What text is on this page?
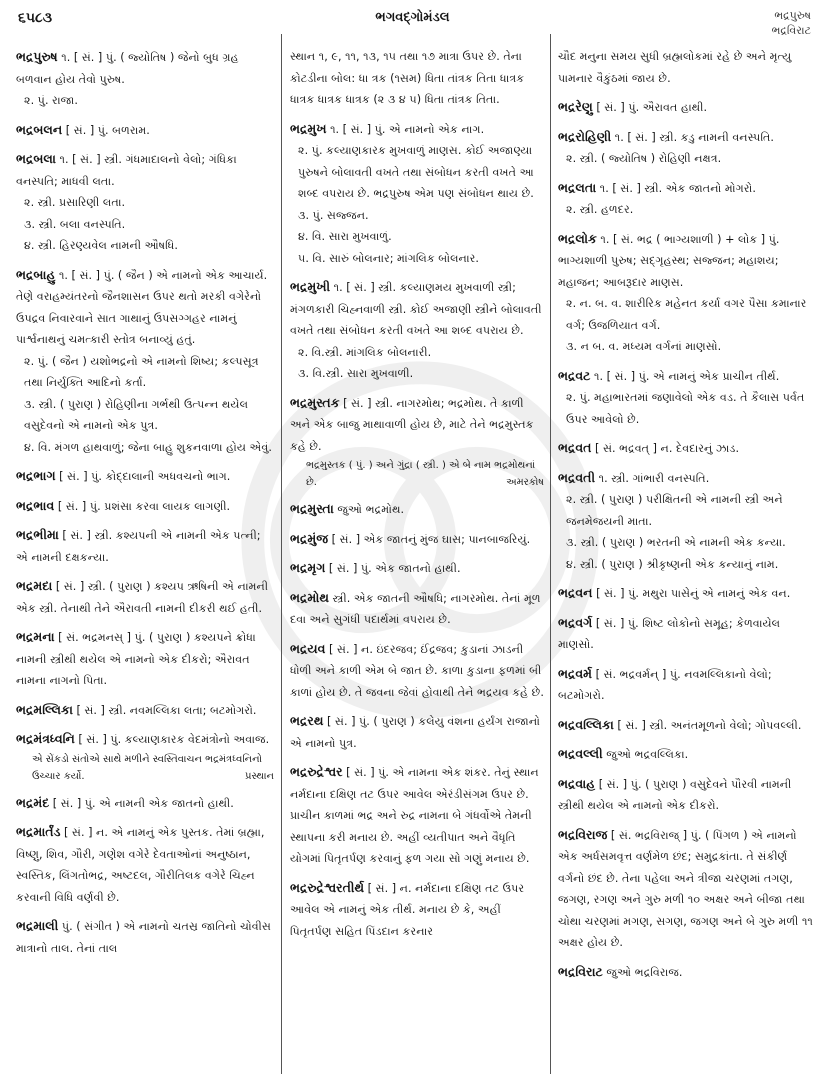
૬૫૮૩	ભગવદ્ગોમંડલ	ભદ્રપુરુષ
ભદ્રવિરાટ
ભદ્રપુરુષ ૧. [ સં. ] પું. ( જ્યોતિષ ) જેનો બુધ ગ્રહ બળવાન હોય તેવો પુરુષ.
૨. પું. રાજા.
ભદ્રબલન [ સં. ] પું. બળરામ.
ભદ્રબલા ૧. [ સં. ] સ્ત્રી. ગંધમાદાલનો વેલો; ગંધિકા વનસ્પતિ; માધવી લતા.
૨. સ્ત્રી. પ્રસારિણી લતા.
૩. સ્ત્રી. બલા વનસ્પતિ.
૪. સ્ત્રી. હિરણ્યવેલ નામની ઔષધિ.
ભદ્રબાહુ ૧. [ સં. ] પું. ( જૈન ) એ નામનો એક આચાર્ય. તેણે વરાહમ્યંતરનો જૈનશાસન ઉપર થતો મરકી વગેરેનો ઉપદ્રવ નિવારવાને સાત ગાથાનું ઉપસગ્ગહર નામનું પાર્શ્વનાથનું ચમત્કારી સ્તોત્ર બનાવ્યું હતું.
૨. પું. ( જૈન ) યશોભદ્રનો એ નામનો શિષ્ય; કલ્પસૂત્ર તથા નિર્યુક્તિ આદિનો કર્તા.
૩. સ્ત્રી. ( પુરાણ ) રોહિણીના ગર્ભથી ઉત્પન્ન થયેલ વસુદેવનો એ નામનો એક પુત્ર.
૪. વિ. મંગળ હાથવાળું; જેના બાહુ શુકનવાળા હોય એવું.
ભદ્રભાગ [ સં. ] પું. કોદ્દાલાની અધવચનો ભાગ.
ભદ્રભાવ [ સં. ] પું. પ્રશંસા કરવા લાયક લાગણી.
ભદ્રભીમા [ સં. ] સ્ત્રી. કશ્યપની એ નામની એક પત્ની; એ નામની દક્ષકન્યા.
ભદ્રમદા [ સં. ] સ્ત્રી. ( પુરાણ ) કશ્યપ ઋષિની એ નામની એક સ્ત્રી. તેનાથી તેને ઐરાવતી નામની દીકરી થઈ હતી.
ભદ્રમના [ સં. ભદ્રમનસ્ ] પું. ( પુરાણ ) કશ્યપને ક્રોધા નામની સ્ત્રીથી થયેલ એ નામનો એક દીકરો; ઐરાવત નામના નાગનો પિતા.
ભદ્રમલ્લિકા [ સં. ] સ્ત્રી. નવમલ્લિકા લતા; બટમોગરો.
ભદ્રમંત્રધ્વનિ [ સં. ] પું. કલ્યાણકારક વેદમંત્રોનો અવાજ.
એ સેંકડો સંતોએ સાથે મળીને સ્વસ્તિવાચન ભદ્રમંત્રધ્વનિનો ઉચ્ચાર કર્યો.	પ્રસ્થાન
ભદ્રમંદ [ સં. ] પું. એ નામની એક જાતનો હાથી.
ભદ્રમાર્તંડ [ સં. ] ન. એ નામનું એક પુસ્તક. તેમાં બ્રહ્મા, વિષ્ણુ, શિવ, ગૌરી, ગણેશ વગેરે દેવતાઓનાં અનુષ્ઠાન, સ્વસ્તિક, લિંગતોભદ્ર, અષ્ટદલ, ગૌરીતિલક વગેરે ચિહ્ન કરવાની વિધિ વર્ણવી છે.
ભદ્રમાલી પું. ( સંગીત ) એ નામનો ચતસ્ર જાતિનો ચોવીસ માત્રાનો તાલ. તેનાં તાલ
સ્થાન ૧, ૯, ૧૧, ૧૩, ૧૫ તથા ૧૭ માત્રા ઉપર છે. તેના કોટડીના બોલ: ધા ત્રક (૧સમ) ધિતા તાંત્રક તિતા ધાત્રક ધાત્રક ધાત્રક ધાત્રક (૨ ૩ ૪ ૫) ધિતા તાંત્રક તિતા.
ભદ્રમુખ ૧. [ સં. ] પું. એ નામનો એક નાગ.
૨. પું. કલ્યાણકારક મુખવાળું માણસ. કોઈ અજાણ્યા પુરુષને બોલાવતી વખતે તથા સંબોધન કરતી વખતે આ શબ્દ વપરાય છે. ભદ્રપુરુષ એમ પણ સંબોધન થાય છે.
૩. પું. સજ્જન.
૪. વિ. સારા મુખવાળું.
૫. વિ. સારું બોલનાર; માંગલિક બોલનાર.
ભદ્રમુખી ૧. [ સં. ] સ્ત્રી. કલ્યાણમય મુખવાળી સ્ત્રી; મંગળકારી ચિહ્નવાળી સ્ત્રી. કોઈ અજાણી સ્ત્રીને બોલાવતી વખતે તથા સંબોધન કરતી વખતે આ શબ્દ વપરાય છે.
૨. વિ.સ્ત્રી. માંગલિક બોલનારી.
૩. વિ.સ્ત્રી. સારા મુખવાળી.
ભદ્રમુસ્તક [ સં. ] સ્ત્રી. નાગરમોથ; ભદ્રમોથ. તે કાળી અને એક બાજુ માથાવાળી હોય છે, માટે તેને ભદ્રમુસ્તક કહે છે.
ભદ્રમુસ્તક ( પું. ) અને ગુંદ્રા ( સ્ત્રી. ) એ બે નામ ભદ્રમોથનાં છે.	અમરકોષ
ભદ્રમુસ્તા જુઓ ભદ્રમોથ.
ભદ્રમુંજ [ સં. ] એક જાતનું મુંજ ઘાસ; પાનબાજરિયું.
ભદ્રમૃગ [ સં. ] પું. એક જાતનો હાથી.
ભદ્રમોથ સ્ત્રી. એક જાતની ઔષધિ; નાગરમોથ. તેનાં મૂળ દવા અને સુગંધી પદાર્થમાં વપરાય છે.
ભદ્રયવ [ સં. ] ન. ઇંદરજવ; ઈંદ્રજવ; કુડાનાં ઝાડની ધોળી અને કાળી એમ બે જાત છે. કાળા કુડાના ફળમાં બી કાળાં હોય છે. તે જવના જેવાં હોવાથી તેને ભદ્રયવ કહે છે.
ભદ્રરથ [ સં. ] પું. ( પુરાણ ) કલેયુ વંશના હર્યંગ રાજાનો એ નામનો પુત્ર.
ભદ્રરુદ્રેશ્વર [ સં. ] પું. એ નામના એક શંકર. તેનું સ્થાન નર્મદાના દક્ષિણ તટ ઉપર આવેલ એરંડીસંગમ ઉપર છે. પ્રાચીન કાળમાં ભદ્ર અને રુદ્ર નામના બે ગંધર્વોએ તેમની સ્થાપના કરી મનાય છે. અહીં વ્યતીપાત અને વૈધૃતિ યોગમાં પિતૃતર્પણ કરવાનું ફળ ગયા સો ગણું મનાય છે.
ભદ્રરુદ્રેશ્વરતીર્થ [ સં. ] ન. નર્મદાના દક્ષિણ તટ ઉપર આવેલ એ નામનું એક તીર્થ. મનાય છે કે, અહીં પિતૃતર્પણ સહિત પિંડદાન કરનાર
ચૌદ મનુના સમય સુધી બ્રહ્મલોકમાં રહે છે અને મૃત્યુ પામનાર વૈકુંઠમાં જાય છે.
ભદ્રરેણુ [ સં. ] પું. ઐરાવત હાથી.
ભદ્રરોહિણી ૧. [ સં. ] સ્ત્રી. કડુ નામની વનસ્પતિ.
૨. સ્ત્રી. ( જ્યોતિષ ) રોહિણી નક્ષત્ર.
ભદ્રલતા ૧. [ સં. ] સ્ત્રી. એક જાતનો મોગરો.
૨. સ્ત્રી. હળદર.
ભદ્રલોક ૧. [ સં. ભદ્ર ( ભાગ્યશાળી ) + લોક ] પું. ભાગ્યશાળી પુરુષ; સદ્ગૃહસ્થ; સજ્જન; મહાશય; મહાજન; આબરૂદાર માણસ.
૨. ન. બ. વ. શારીરિક મહેનત કર્યા વગર પૈસા કમાનાર વર્ગ; ઉજળિયાત વર્ગ.
૩. ન બ. વ. મધ્યમ વર્ગનાં માણસો.
ભદ્રવટ ૧. [ સં. ] પું. એ નામનું એક પ્રાચીન તીર્થ.
૨. પું. મહાભારતમાં જણાવેલો એક વડ. તે કૈલાસ પર્વત ઉપર આવેલો છે.
ભદ્રવત [ સં. ભદ્રવત્ ] ન. દેવદારનું ઝાડ.
ભદ્રવતી ૧. સ્ત્રી. ગાંભારી વનસ્પતિ.
૨. સ્ત્રી. ( પુરાણ ) પરીક્ષિતની એ નામની સ્ત્રી અને જનમેજયની માતા.
૩. સ્ત્રી. ( પુરાણ ) ભરતની એ નામની એક કન્યા.
૪. સ્ત્રી. ( પુરાણ ) શ્રીકૃષ્ણની એક કન્યાનું નામ.
ભદ્રવન [ સં. ] પું. મથુરા પાસેનું એ નામનું એક વન.
ભદ્રવર્ગ [ સં. ] પું. શિષ્ટ લોકોનો સમૂહ; કેળવાયેલ માણસો.
ભદ્રવર્મ [ સં. ભદ્રવર્મન્ ] પું. નવમલ્લિકાનો વેલો; બટમોગરો.
ભદ્રવલ્લિકા [ સં. ] સ્ત્રી. અનંતમૂળનો વેલો; ગોપવલ્લી.
ભદ્રવલ્લી જુઓ ભદ્રવલ્લિકા.
ભદ્રવાહ [ સં. ] પું. ( પુરાણ ) વસુદેવને પૌરવી નામની સ્ત્રીથી થયેલ એ નામનો એક દીકરો.
ભદ્રવિરાજ [ સં. ભદ્રવિરાજ્ ] પું. ( પિંગળ ) એ નામનો એક અર્ધસમવૃત્ત વર્ણમેળ છંદ; સમુદ્રકાંતા. તે સંકીર્ણ વર્ગનો છંદ છે. તેના પહેલા અને ત્રીજા ચરણમાં તગણ, જગણ, રગણ અને ગુરુ મળી ૧૦ અક્ષર અને બીજા તથા ચોથા ચરણમાં મગણ, સગણ, જગણ અને બે ગુરુ મળી ૧૧ અક્ષર હોય છે.
ભદ્રવિરાટ જુઓ ભદ્રવિરાજ.
